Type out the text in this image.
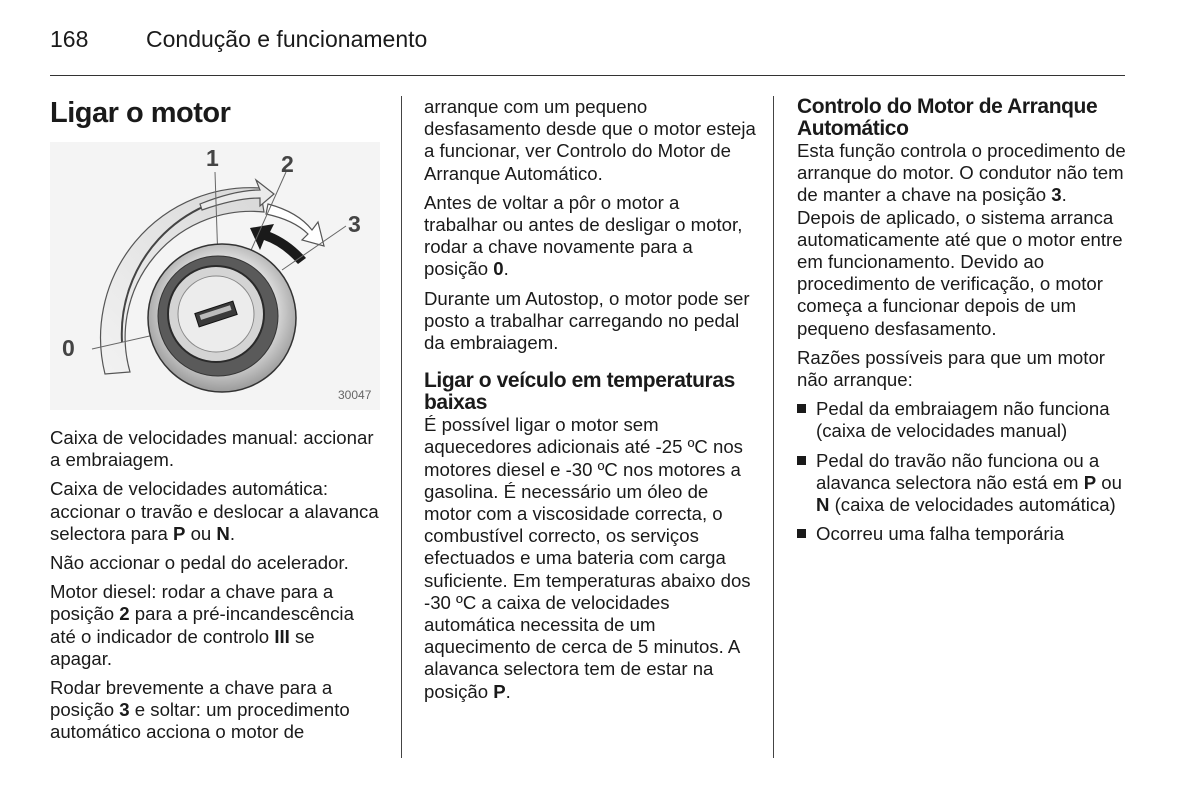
168	Condução e funcionamento
Ligar o motor
0
1	2
3
30047

Caixa de velocidades manual: accionar a embraiagem.

Caixa de velocidades automática: accionar o travão e deslocar a alavanca selectora para P ou N.

Não accionar o pedal do acelerador.

Motor diesel: rodar a chave para a posição 2 para a pré-incandescência até o indicador de controlo ΙΙΙ se apagar.

Rodar brevemente a chave para a posição 3 e soltar: um procedimento automático acciona o motor de

arranque com um pequeno desfasamento desde que o motor esteja a funcionar, ver Controlo do Motor de Arranque Automático.

Antes de voltar a pôr o motor a trabalhar ou antes de desligar o motor, rodar a chave novamente para a posição 0.

Durante um Autostop, o motor pode ser posto a trabalhar carregando no pedal da embraiagem.

Ligar o veículo em temperaturas baixas

É possível ligar o motor sem aquecedores adicionais até -25 ºC nos motores diesel e -30 ºC nos motores a gasolina. É necessário um óleo de motor com a viscosidade correcta, o combustível correcto, os serviços efectuados e uma bateria com carga suficiente. Em temperaturas abaixo dos -30 ºC a caixa de velocidades automática necessita de um aquecimento de cerca de 5 minutos. A alavanca selectora tem de estar na posição P.

Controlo do Motor de Arranque Automático

Esta função controla o procedimento de arranque do motor. O condutor não tem de manter a chave na posição 3. Depois de aplicado, o sistema arranca automaticamente até que o motor entre em funcionamento. Devido ao procedimento de verificação, o motor começa a funcionar depois de um pequeno desfasamento.

Razões possíveis para que um motor não arranque:

Pedal da embraiagem não funciona (caixa de velocidades manual)
Pedal do travão não funciona ou a alavanca selectora não está em P ou N (caixa de velocidades automática)
Ocorreu uma falha temporária
